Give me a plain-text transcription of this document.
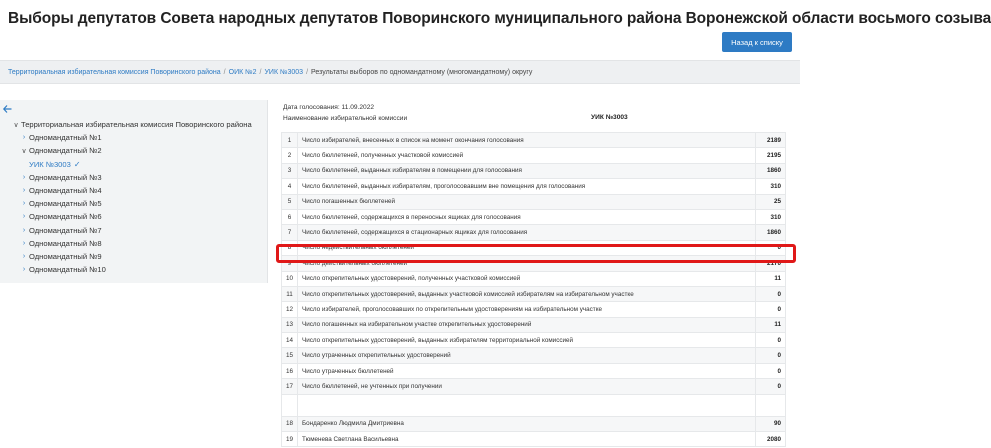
Выборы депутатов Совета народных депутатов Поворинского муниципального района Воронежской области восьмого созыва
Назад к списку
Территориальная избирательная комиссия Поворинского района / ОИК №2 / УИК №3003 / Результаты выборов по одномандатному (многомандатному) округу
∨ Территориальная избирательная комиссия Поворинского района
› Одномандатный №1
∨ Одномандатный №2
УИК №3003 ✓
› Одномандатный №3
› Одномандатный №4
› Одномандатный №5
› Одномандатный №6
› Одномандатный №7
› Одномандатный №8
› Одномандатный №9
› Одномандатный №10
Дата голосования:
11.09.2022
Наименование избирательной комиссии	УИК №3003
1	Число избирателей, внесенных в список на момент окончания голосования	2189
2	Число бюллетеней, полученных участковой комиссией	2195
3	Число бюллетеней, выданных избирателям в помещении для голосования	1860
4	Число бюллетеней, выданных избирателям, проголосовавшим вне помещения для голосования	310
5	Число погашенных бюллетеней	25
6	Число бюллетеней, содержащихся в переносных ящиках для голосования	310
7	Число бюллетеней, содержащихся в стационарных ящиках для голосования	1860
8	Число недействительных бюллетеней	0
9	Число действительных бюллетеней	2170
10	Число открепительных удостоверений, полученных участковой комиссией	11
11	Число открепительных удостоверений, выданных участковой комиссией избирателям на избирательном участке	0
12	Число избирателей, проголосовавших по открепительным удостоверениям на избирательном участке	0
13	Число погашенных на избирательном участке открепительных удостоверений	11
14	Число открепительных удостоверений, выданных избирателям территориальной комиссией	0
15	Число утраченных открепительных удостоверений	0
16	Число утраченных бюллетеней	0
17	Число бюллетеней, не учтенных при получении	0

18	Бондаренко Людмила Дмитриевна	90
19	Тюменева Светлана Васильевна	2080
